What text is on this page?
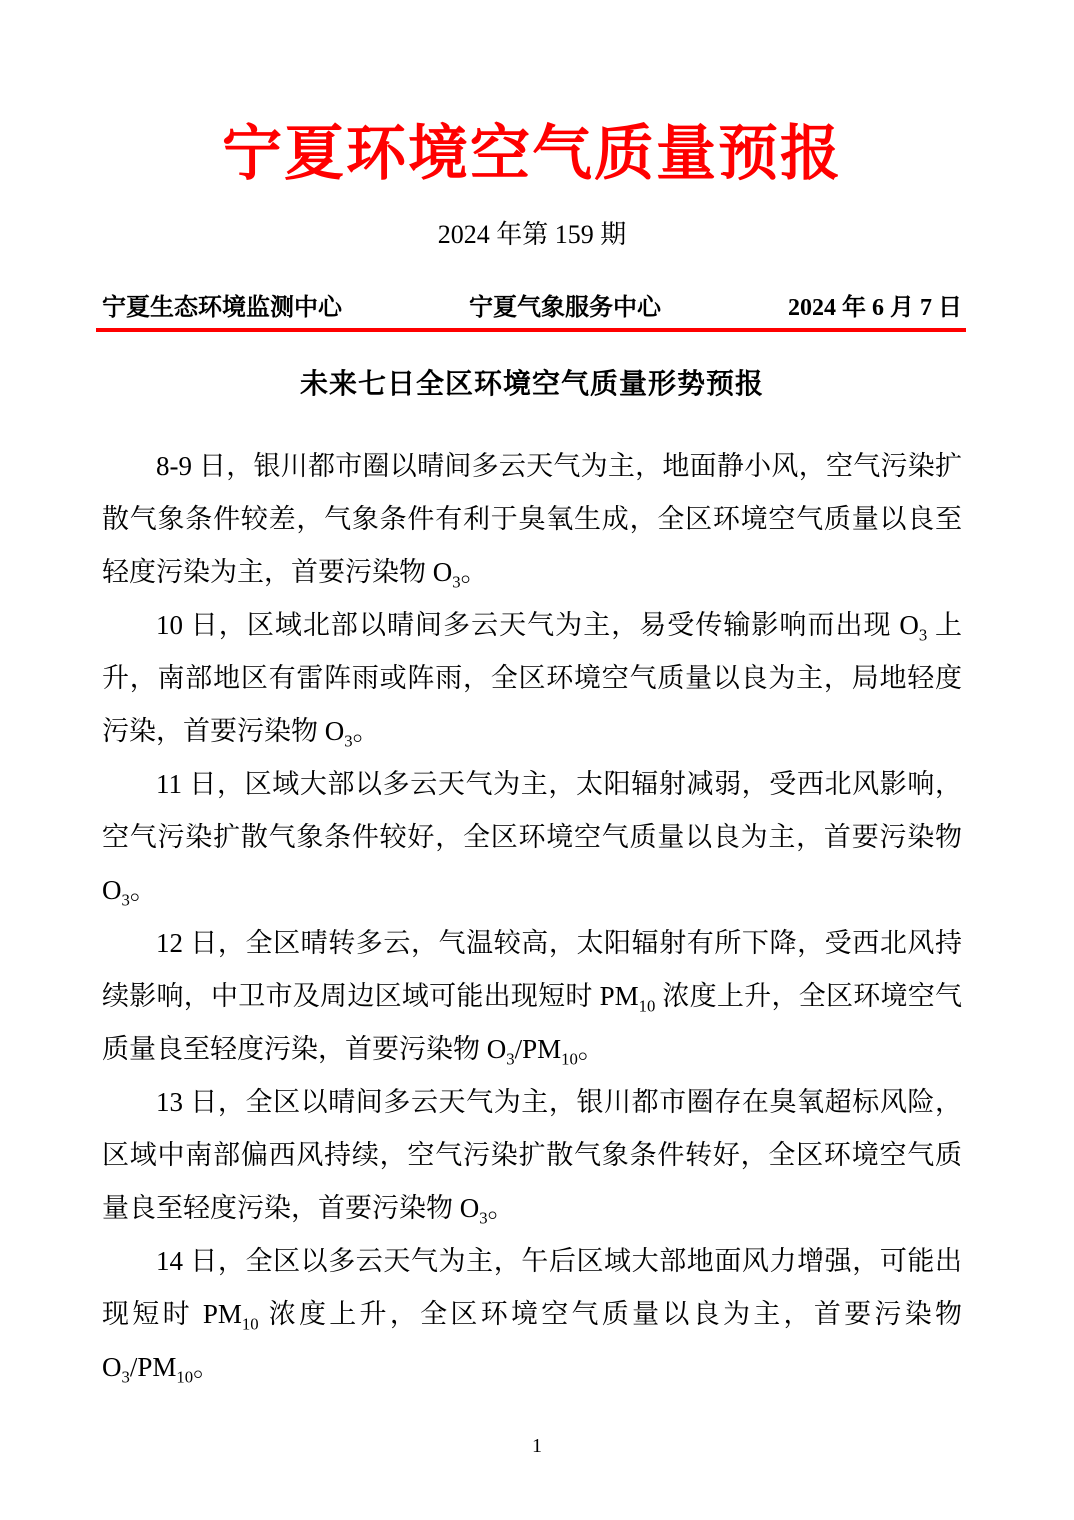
宁夏环境空气质量预报
2024 年第 159 期
宁夏生态环境监测中心	宁夏气象服务中心	2024 年 6 月 7 日
未来七日全区环境空气质量形势预报

8-9 日，银川都市圈以晴间多云天气为主，地面静小风，空气污染扩散气象条件较差，气象条件有利于臭氧生成，全区环境空气质量以良至轻度污染为主，首要污染物 $O_3$。

10 日，区域北部以晴间多云天气为主，易受传输影响而出现 $O_3$ 上升，南部地区有雷阵雨或阵雨，全区环境空气质量以良为主，局地轻度污染，首要污染物 $O_3$。

11 日，区域大部以多云天气为主，太阳辐射减弱，受西北风影响，空气污染扩散气象条件较好，全区环境空气质量以良为主，首要污染物 $O_3$。

12 日，全区晴转多云，气温较高，太阳辐射有所下降，受西北风持续影响，中卫市及周边区域可能出现短时 $PM_{10}$ 浓度上升，全区环境空气质量良至轻度污染，首要污染物 $O_3/PM_{10}$。

13 日，全区以晴间多云天气为主，银川都市圈存在臭氧超标风险，区域中南部偏西风持续，空气污染扩散气象条件转好，全区环境空气质量良至轻度污染，首要污染物 $O_3$。

14 日，全区以多云天气为主，午后区域大部地面风力增强，可能出现短时 $PM_{10}$ 浓度上升，全区环境空气质量以良为主，首要污染物 $O_3/PM_{10}$。

1
